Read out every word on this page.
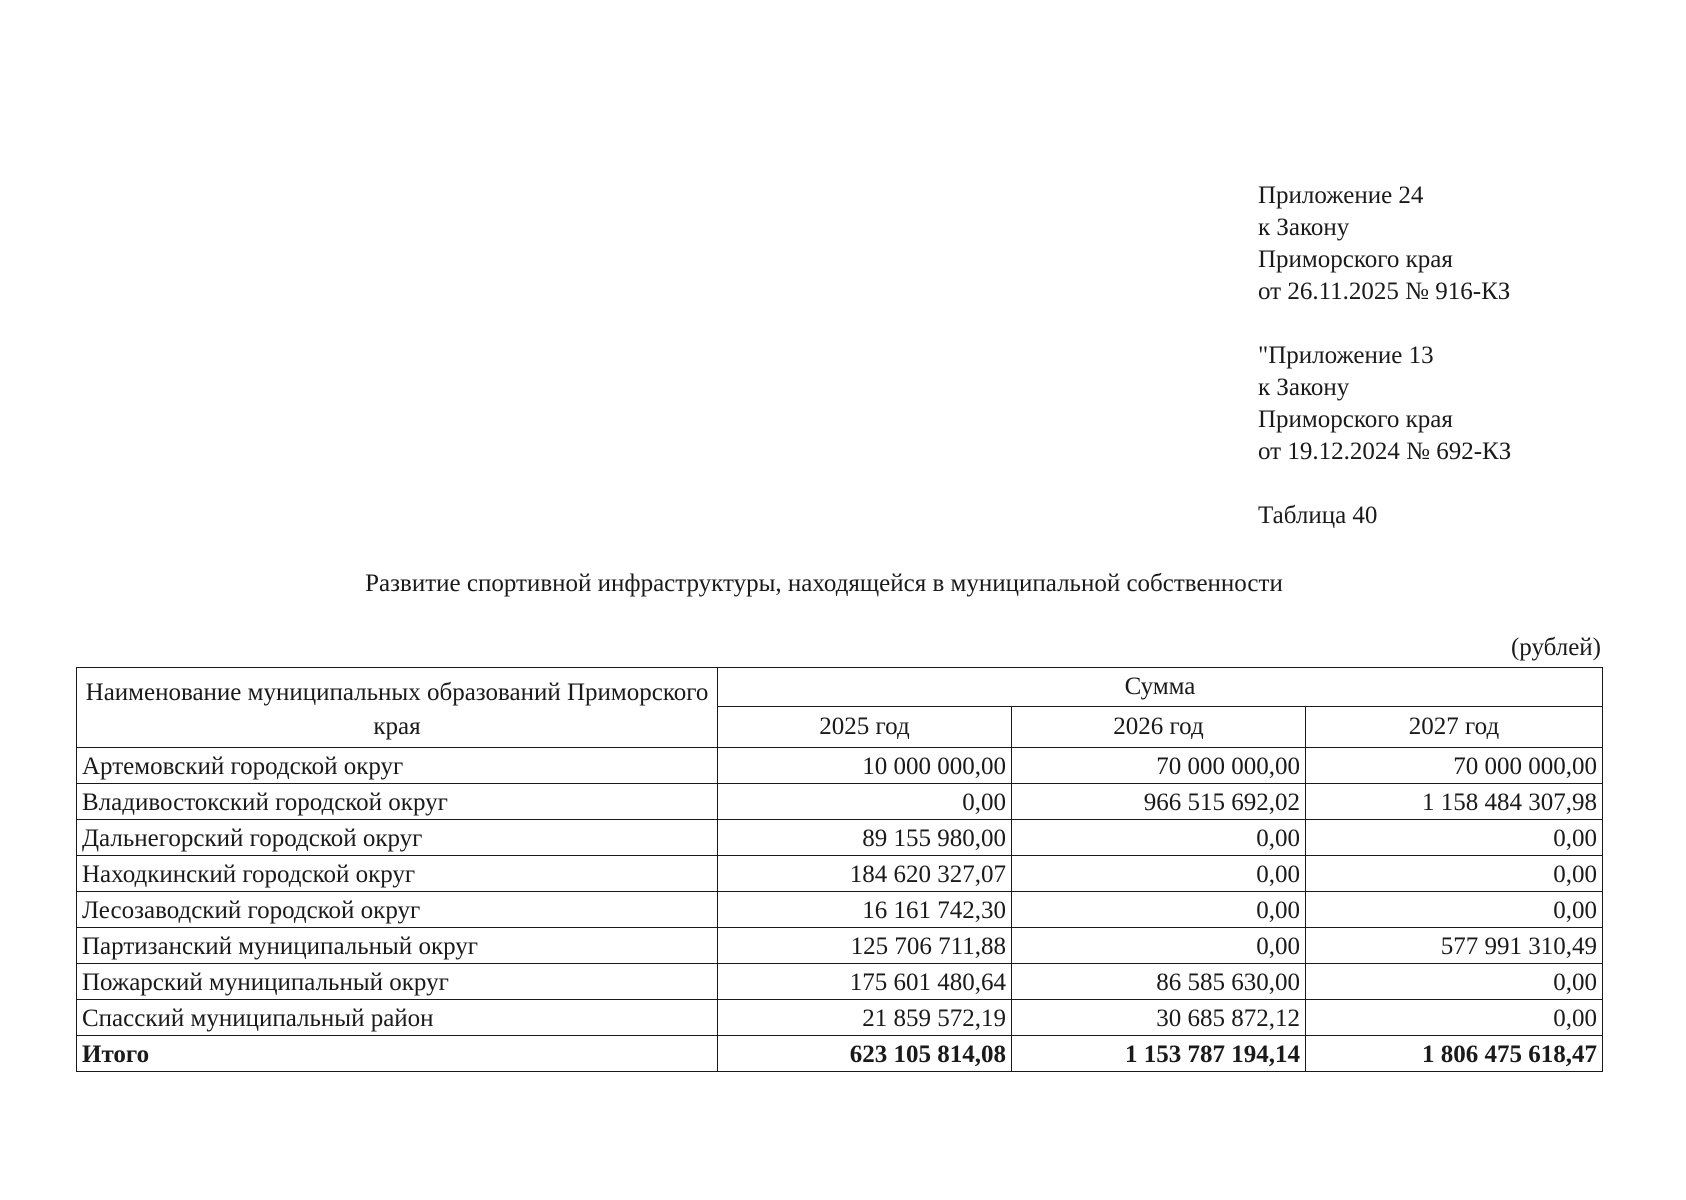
Приложение 24
к Закону
Приморского края
от 26.11.2025 № 916-КЗ
"Приложение 13
к Закону
Приморского края
от 19.12.2024 № 692-КЗ
Таблица 40
Развитие спортивной инфраструктуры, находящейся в муниципальной собственности
(рублей)
Наименование муниципальных образований Приморского края	Сумма		
	2025 год	2026 год	2027 год
Артемовский городской округ	10 000 000,00	70 000 000,00	70 000 000,00
Владивостокский городской округ	0,00	966 515 692,02	1 158 484 307,98
Дальнегорский городской округ	89 155 980,00	0,00	0,00
Находкинский городской округ	184 620 327,07	0,00	0,00
Лесозаводский городской округ	16 161 742,30	0,00	0,00
Партизанский муниципальный округ	125 706 711,88	0,00	577 991 310,49
Пожарский муниципальный округ	175 601 480,64	86 585 630,00	0,00
Спасский муниципальный район	21 859 572,19	30 685 872,12	0,00
Итого	623 105 814,08	1 153 787 194,14	1 806 475 618,47
